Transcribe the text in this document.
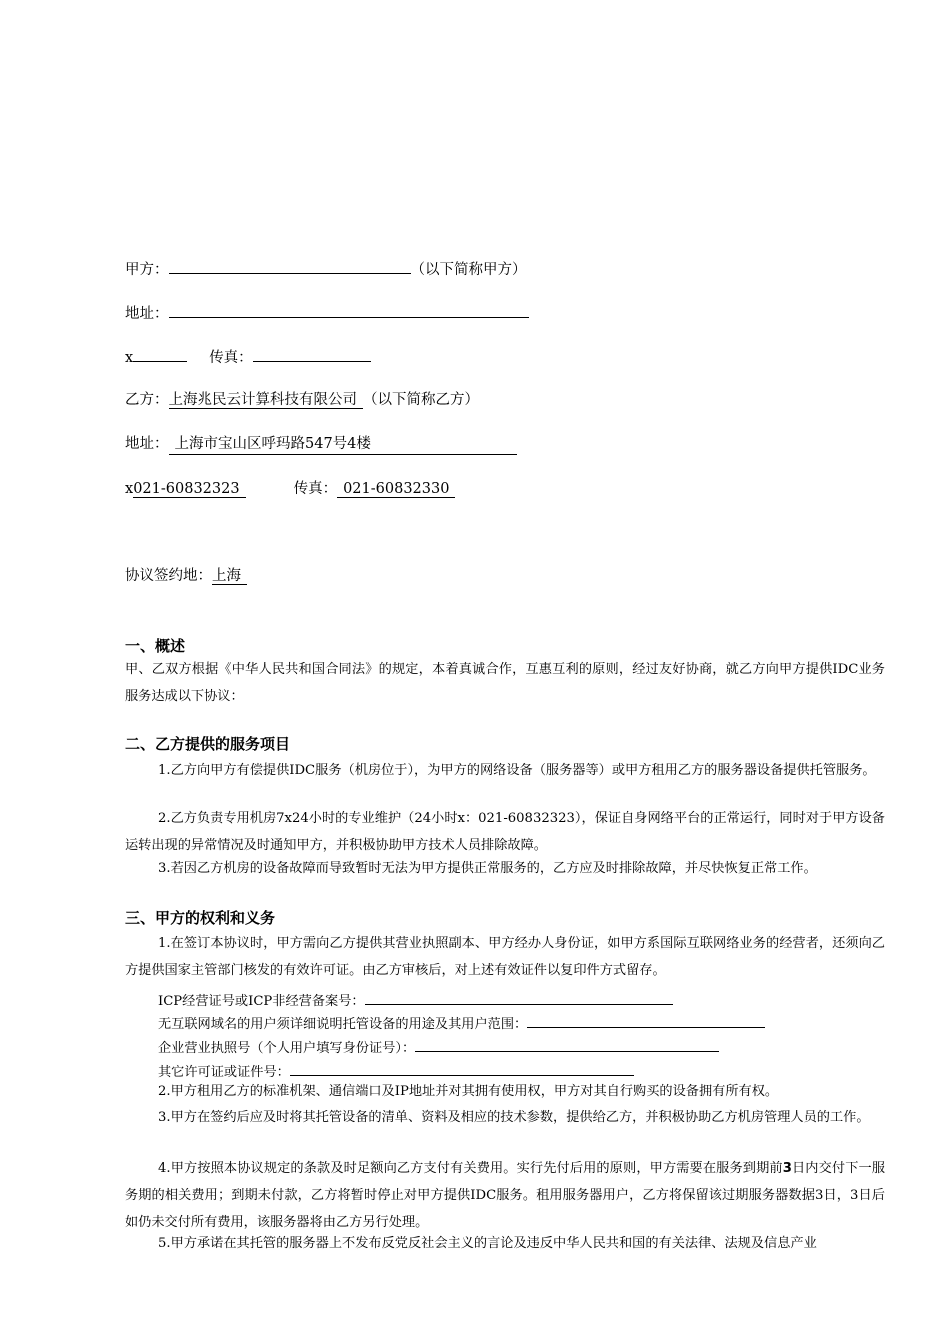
甲方：	（以下简称甲方）
地址：
x	传真：
乙方：上海兆民云计算科技有限公司 （以下简称乙方）
地址： 上海市宝山区呼玛路547号4楼
x021-60832323	传真： 021-60832330
协议签约地：上海
一、概述
甲、乙双方根据《中华人民共和国合同法》的规定，本着真诚合作，互惠互利的原则，经过友好协商，就乙方向甲方提供IDC业务服务达成以下协议：
二、乙方提供的服务项目
1.乙方向甲方有偿提供IDC服务（机房位于），为甲方的网络设备（服务器等）或甲方租用乙方的服务器设备提供托管服务。
2.乙方负责专用机房7x24小时的专业维护（24小时x：021-60832323），保证自身网络平台的正常运行，同时对于甲方设备运转出现的异常情况及时通知甲方，并积极协助甲方技术人员排除故障。
3.若因乙方机房的设备故障而导致暂时无法为甲方提供正常服务的，乙方应及时排除故障，并尽快恢复正常工作。
三、甲方的权利和义务
1.在签订本协议时，甲方需向乙方提供其营业执照副本、甲方经办人身份证，如甲方系国际互联网络业务的经营者，还须向乙方提供国家主管部门核发的有效许可证。由乙方审核后，对上述有效证件以复印件方式留存。
ICP经营证号或ICP非经营备案号：
无互联网域名的用户须详细说明托管设备的用途及其用户范围：
企业营业执照号（个人用户填写身份证号）：
其它许可证或证件号：
2.甲方租用乙方的标准机架、通信端口及IP地址并对其拥有使用权，甲方对其自行购买的设备拥有所有权。
3.甲方在签约后应及时将其托管设备的清单、资料及相应的技术参数，提供给乙方，并积极协助乙方机房管理人员的工作。
4.甲方按照本协议规定的条款及时足额向乙方支付有关费用。实行先付后用的原则，甲方需要在服务到期前3日内交付下一服务期的相关费用；到期未付款，乙方将暂时停止对甲方提供IDC服务。租用服务器用户，乙方将保留该过期服务器数据3日，3日后如仍未交付所有费用，该服务器将由乙方另行处理。
5.甲方承诺在其托管的服务器上不发布反党反社会主义的言论及违反中华人民共和国的有关法律、法规及信息产业
